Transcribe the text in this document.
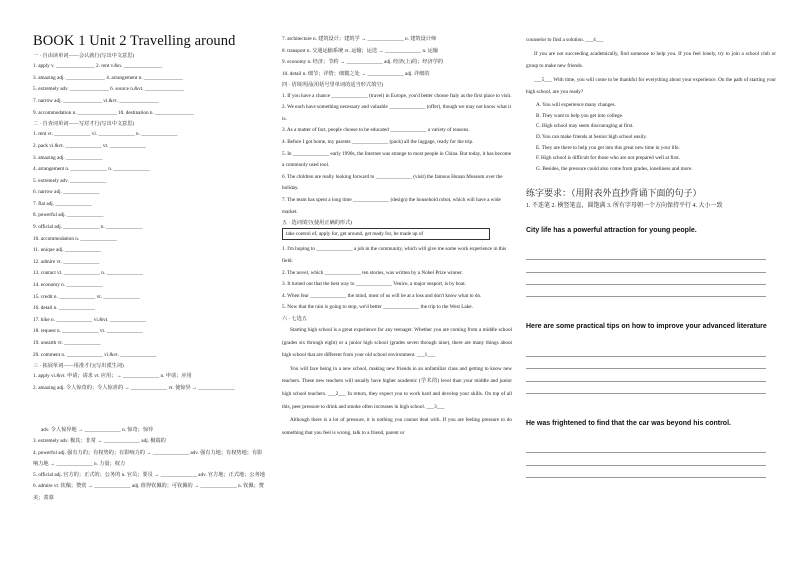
BOOK 1 Unit 2 Travelling around
一 · 自由读单词——会认就行(写出中文意思)
1. apply v. _______________ 2. rent v.&n. _______________
3. amazing adj. _______________ 4. arrangement n. _______________
5. extremely adv. _______________ 6. source n.&vt. _______________
7. narrow adj. _______________ vi.&vt. _______________
9. accommodation n. _______________ 10. destination n. _______________
二 · 自查词单词——写对才行(写出中文意思)
1. rent vt. ______________ vi. ______________ n. ______________
2. pack vi.&vt. ______________ vt. ______________
3. amazing adj. ______________
4. arrangement n. ______________ n. ______________
5. extremely adv. ______________
6. narrow adj. ______________
7. flat adj. ______________
8. powerful adj. ______________
9. official adj. ______________ n. ______________
10. accommodation n. ______________
11. unique adj. ______________
12. admire vt. ______________
13. contact vt. ______________ n. ______________
14. economy n. ______________
15. credit n. ______________ vt. ______________
16. detail n. ______________
17. hike n. ______________ vi.&vt. ______________
18. request n. ______________ vt. ______________
19. unearth vt. ______________
20. comment n. ______________ vi.&vt. ______________
三 · 拓展单词——用准才行(写出派生词)
1. apply vi.&vt. 申请；请求 vt. 应用；→ ______________ n. 申请；应用
2. amazing adj. 令人惊奇的；令人惊喜的 → ______________ vt. 使惊异 → ______________
adv. 令人惊异地 → ______________ n. 惊奇；惊异
3. extremely adv. 极其；非常 → ______________ adj. 极端的
4. powerful adj. 强有力的；有权势的；有影响力的 → ______________ adv. 强有力地；有权势地；有影响力地 → ______________ n. 力量；权力
5. official adj. 官方的；正式的；公务的 n. 官员；要员 → ______________ adv. 官方地；正式地；公务地
6. admire vt. 钦佩；赞赏 → ______________ adj. 值得钦佩的；可钦佩的 → ______________ n. 钦佩；赞美；羡慕
7. architecture n. 建筑设计；建筑学 → ______________ n. 建筑设计师
8. transport n. 交通运输系统 vt. 运输；运送 → ______________ n. 运输
9. economy n. 经济；节约 → ______________ adj. 经济(上)的；经济学的
10. detail n. 细节；详情；细微之处 → ______________ adj. 详细的
四 · 语境巩固(用括号里单词的适当形式填空)
1. If you have a chance ______________ (travel) in Europe, you'd better choose Italy as the first place to visit.
2. We each have something necessary and valuable ______________ (offer), though we may not know what it is.
3. As a matter of fact, people choose to be educated ______________ a variety of reasons.
4. Before I got home, my parents ______________ (pack) all the luggage, ready for the trip.
5. In ______________ early 1990s, the Internet was strange to most people in China. But today, it has become a commonly used tool.
6. The children are really looking forward to ______________ (visit) the famous Hunan Museum over the holiday.
7. The team has spent a long time ______________ (design) the household robot, which will have a wide market.
五 · 选词填空(使用正确的形式)
take control of, apply for, get around, get ready for, be made up of
1. I'm hoping to ______________ a job in the community, which will give me some work experience in this field.
2. The novel, which ______________ ten stories, was written by a Nobel Prize winner.
3. It turned out that the best way to ______________ Venice, a major seaport, is by boat.
4. When fear ______________ the mind, most of us will be at a loss and don't know what to do.
5. Now that the rain is going to stop, we'd better ______________ the trip to the West Lake.
六 · 七选五

Starting high school is a great experience for any teenager. Whether you are coming from a middle school (grades six through eight) or a junior high school (grades seven through nine), there are many things about high school that are different from your old school environment. ___1___

You will face being in a new school, making new friends in an unfamiliar class and getting to know new teachers. These new teachers will usually have higher academic (学术的) level than your middle and junior high school teachers. ___2___ In return, they expect you to work hard and develop your skills. On top of all this, peer pressure to drink and smoke often increases in high school. ___3___

Although there is a lot of pressure, it is nothing you cannot deal with. If you are feeling pressure to do something that you feel is wrong, talk to a friend, parent or

counselor to find a solution. ___4___

If you are not succeeding academically, find someone to help you. If you feel lonely, try to join a school club or group to make new friends.

___5___ With time, you will come to be thankful for everything about your experience. On the path of starting your high school, are you ready?

A. You will experience many changes.
B. They want to help you get into college.
C. High school may seem discouraging at first.
D. You can make friends at Senior high school easily.
E. They are there to help you get into this great new time in your life.
F. High school is difficult for those who are not prepared well at first.
G. Besides, the pressure could also come from grades, loneliness and more.
练字要求：（用附表外直抄背诵下面的句子）
1. 不连笔 2. 横竖笔直，圆饱满 3. 所有字母朝一个方向保持平行 4. 大小一致
City life has a powerful attraction for young people.
Here are some practical tips on how to improve your advanced literature
He was frightened to find that the car was beyond his control.
